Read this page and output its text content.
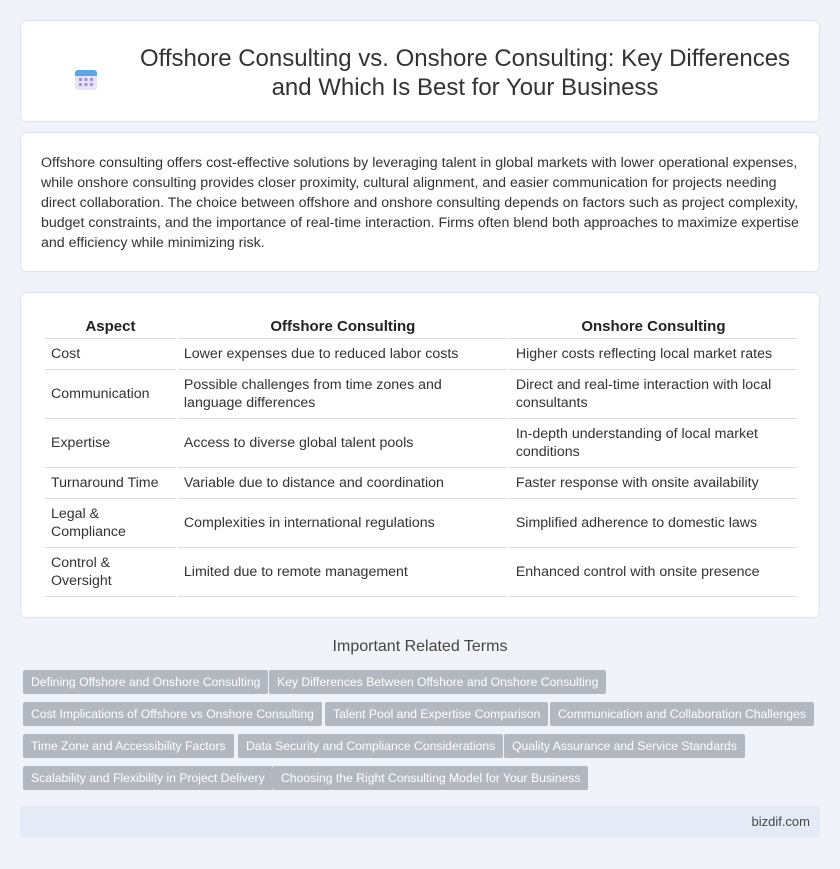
Offshore Consulting vs. Onshore Consulting: Key Differences and Which Is Best for Your Business

Offshore consulting offers cost-effective solutions by leveraging talent in global markets with lower operational expenses, while onshore consulting provides closer proximity, cultural alignment, and easier communication for projects needing direct collaboration. The choice between offshore and onshore consulting depends on factors such as project complexity, budget constraints, and the importance of real-time interaction. Firms often blend both approaches to maximize expertise and efficiency while minimizing risk.

Aspect	Offshore Consulting	Onshore Consulting
Cost	Lower expenses due to reduced labor costs	Higher costs reflecting local market rates
Communication	Possible challenges from time zones and language differences	Direct and real-time interaction with local consultants
Expertise	Access to diverse global talent pools	In-depth understanding of local market conditions
Turnaround Time	Variable due to distance and coordination	Faster response with onsite availability
Legal & Compliance	Complexities in international regulations	Simplified adherence to domestic laws
Control & Oversight	Limited due to remote management	Enhanced control with onsite presence
Important Related Terms
Defining Offshore and Onshore Consulting	Key Differences Between Offshore and Onshore Consulting
Cost Implications of Offshore vs Onshore Consulting	Talent Pool and Expertise Comparison	Communication and Collaboration Challenges
Time Zone and Accessibility Factors	Data Security and Compliance Considerations	Quality Assurance and Service Standards
Scalability and Flexibility in Project Delivery	Choosing the Right Consulting Model for Your Business
bizdif.com
